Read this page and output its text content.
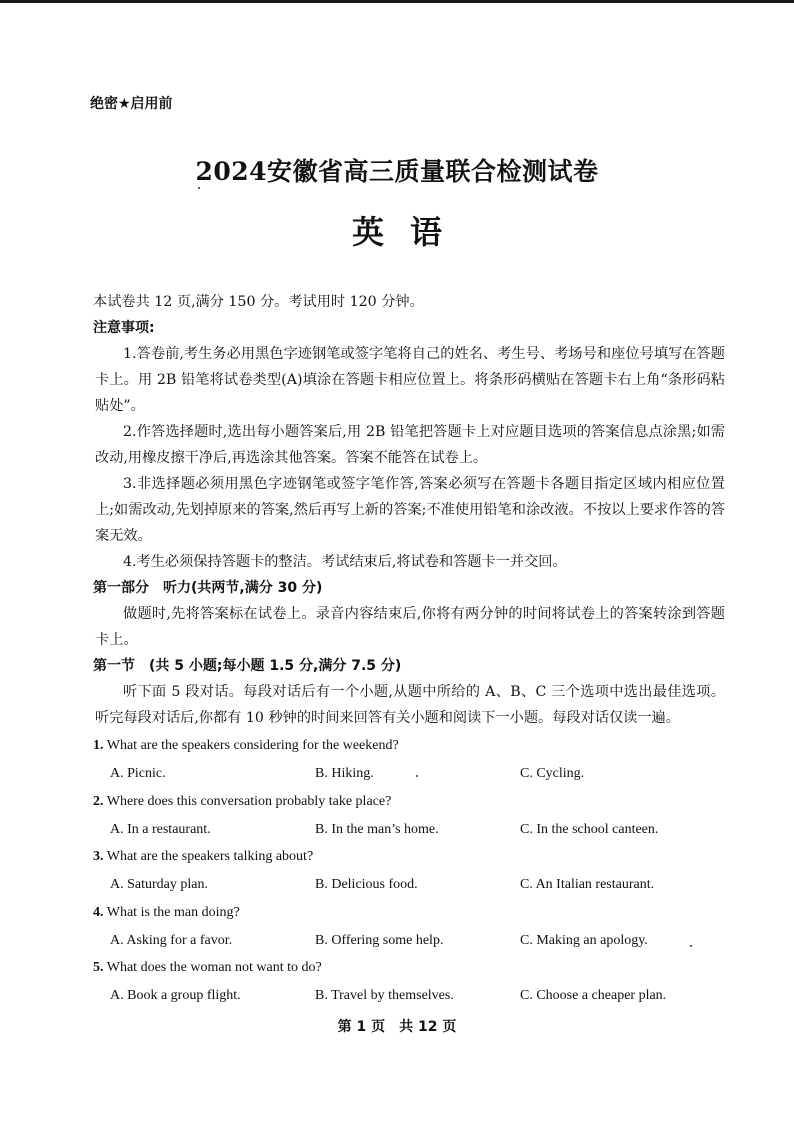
绝密★启用前
2024安徽省高三质量联合检测试卷
英语
本试卷共 12 页,满分 150 分。考试用时 120 分钟。
注意事项:
1.答卷前,考生务必用黑色字迹钢笔或签字笔将自己的姓名、考生号、考场号和座位号填写在答题卡上。用 2B 铅笔将试卷类型(A)填涂在答题卡相应位置上。将条形码横贴在答题卡右上角“条形码粘贴处”。
2.作答选择题时,选出每小题答案后,用 2B 铅笔把答题卡上对应题目选项的答案信息点涂黑;如需改动,用橡皮擦干净后,再选涂其他答案。答案不能答在试卷上。
3.非选择题必须用黑色字迹钢笔或签字笔作答,答案必须写在答题卡各题目指定区域内相应位置上;如需改动,先划掉原来的答案,然后再写上新的答案;不准使用铅笔和涂改液。不按以上要求作答的答案无效。
4.考生必须保持答题卡的整洁。考试结束后,将试卷和答题卡一并交回。
第一部分　听力(共两节,满分 30 分)
做题时,先将答案标在试卷上。录音内容结束后,你将有两分钟的时间将试卷上的答案转涂到答题卡上。
第一节　(共 5 小题;每小题 1.5 分,满分 7.5 分)
听下面 5 段对话。每段对话后有一个小题,从题中所给的 A、B、C 三个选项中选出最佳选项。听完每段对话后,你都有 10 秒钟的时间来回答有关小题和阅读下一小题。每段对话仅读一遍。
1. What are the speakers considering for the weekend?
A. Picnic.	B. Hiking.	C. Cycling.
2. Where does this conversation probably take place?
A. In a restaurant.	B. In the man’s home.	C. In the school canteen.
3. What are the speakers talking about?
A. Saturday plan.	B. Delicious food.	C. An Italian restaurant.
4. What is the man doing?
A. Asking for a favor.	B. Offering some help.	C. Making an apology.
5. What does the woman not want to do?
A. Book a group flight.	B. Travel by themselves.	C. Choose a cheaper plan.
第 1 页　共 12 页
